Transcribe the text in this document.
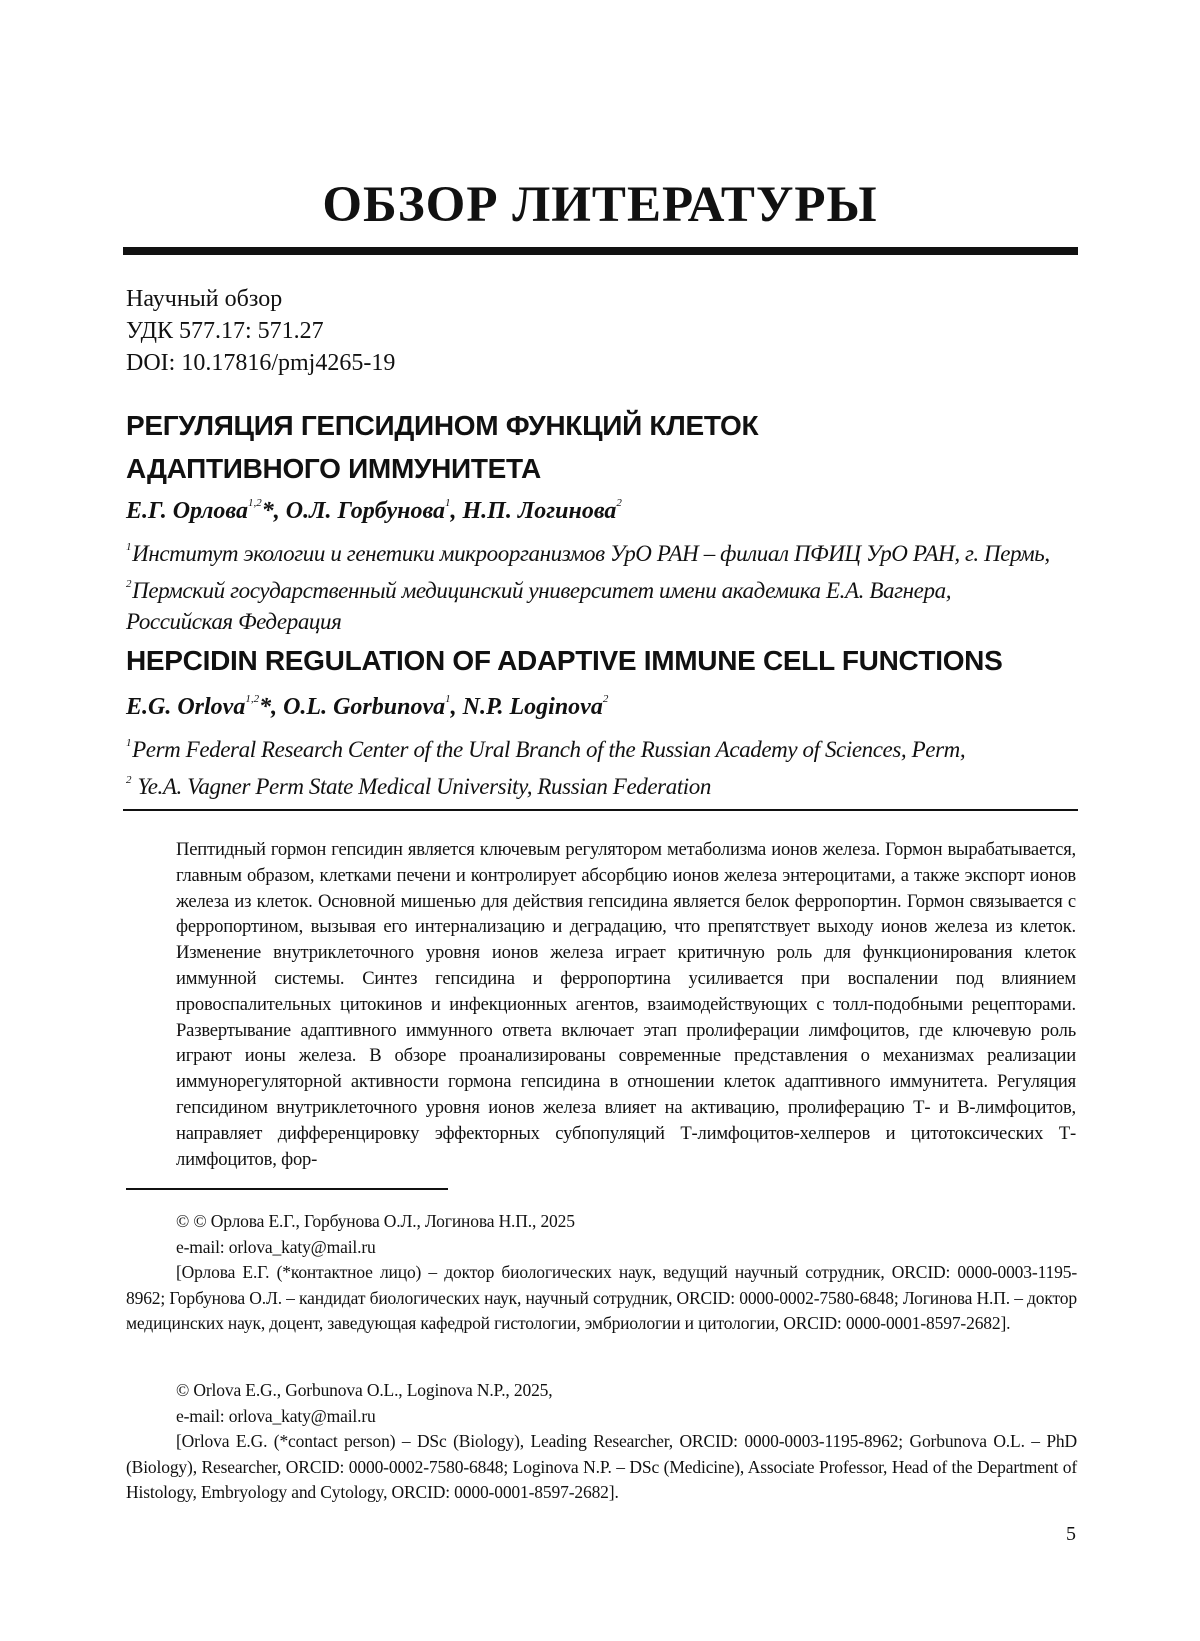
ОБЗОР ЛИТЕРАТУРЫ
Научный обзор
УДК 577.17: 571.27
DOI: 10.17816/pmj4265-19
РЕГУЛЯЦИЯ ГЕПСИДИНОМ ФУНКЦИЙ КЛЕТОК
АДАПТИВНОГО ИММУНИТЕТА
Е.Г. Орлова$^{1,2}$*, О.Л. Горбунова$^1$, Н.П. Логинова$^2$
$^1$Институт экологии и генетики микроорганизмов УрО РАН – филиал ПФИЦ УрО РАН, г. Пермь,
$^2$Пермский государственный медицинский университет имени академика Е.А. Вагнера,
Российская Федерация
HEPCIDIN REGULATION OF ADAPTIVE IMMUNE CELL FUNCTIONS
E.G. Orlova$^{1,2}$*, O.L. Gorbunova$^1$, N.P. Loginova$^2$
$^1$Perm Federal Research Center of the Ural Branch of the Russian Academy of Sciences, Perm,
$^2$ Ye.A. Vagner Perm State Medical University, Russian Federation
Пептидный гормон гепсидин является ключевым регулятором метаболизма ионов железа. Гормон вырабатывается, главным образом, клетками печени и контролирует абсорбцию ионов железа энтероцитами, а также экспорт ионов железа из клеток. Основной мишенью для действия гепсидина является белок ферропортин. Гормон связывается с ферропортином, вызывая его интернализацию и деградацию, что препятствует выходу ионов железа из клеток. Изменение внутриклеточного уровня ионов железа играет критичную роль для функционирования клеток иммунной системы. Синтез гепсидина и ферропортина усиливается при воспалении под влиянием провоспалительных цитокинов и инфекционных агентов, взаимодействующих с толл-подобными рецепторами. Развертывание адаптивного иммунного ответа включает этап пролиферации лимфоцитов, где ключевую роль играют ионы железа. В обзоре проанализированы современные представления о механизмах реализации иммунорегуляторной активности гормона гепсидина в отношении клеток адаптивного иммунитета. Регуляция гепсидином внутриклеточного уровня ионов железа влияет на активацию, пролиферацию Т- и В-лимфоцитов, направляет дифференцировку эффекторных субпопуляций Т-лимфоцитов-хелперов и цитотоксических Т-лимфоцитов, фор-

© © Орлова Е.Г., Горбунова О.Л., Логинова Н.П., 2025

e-mail: orlova_katy@mail.ru

[Орлова Е.Г. (*контактное лицо) – доктор биологических наук, ведущий научный сотрудник, ORCID: 0000-0003-1195-8962; Горбунова О.Л. – кандидат биологических наук, научный сотрудник, ORCID: 0000-0002-7580-6848; Логинова Н.П. – доктор медицинских наук, доцент, заведующая кафедрой гистологии, эмбриологии и цитологии, ORCID: 0000-0001-8597-2682].

© Orlova E.G., Gorbunova O.L., Loginova N.P., 2025,

e-mail: orlova_katy@mail.ru

[Orlova E.G. (*contact person) – DSc (Biology), Leading Researcher, ORCID: 0000-0003-1195-8962; Gorbunova O.L. – PhD (Biology), Researcher, ORCID: 0000-0002-7580-6848; Loginova N.P. – DSc (Medicine), Associate Professor, Head of the Department of Histology, Embryology and Cytology, ORCID: 0000-0001-8597-2682].

5
